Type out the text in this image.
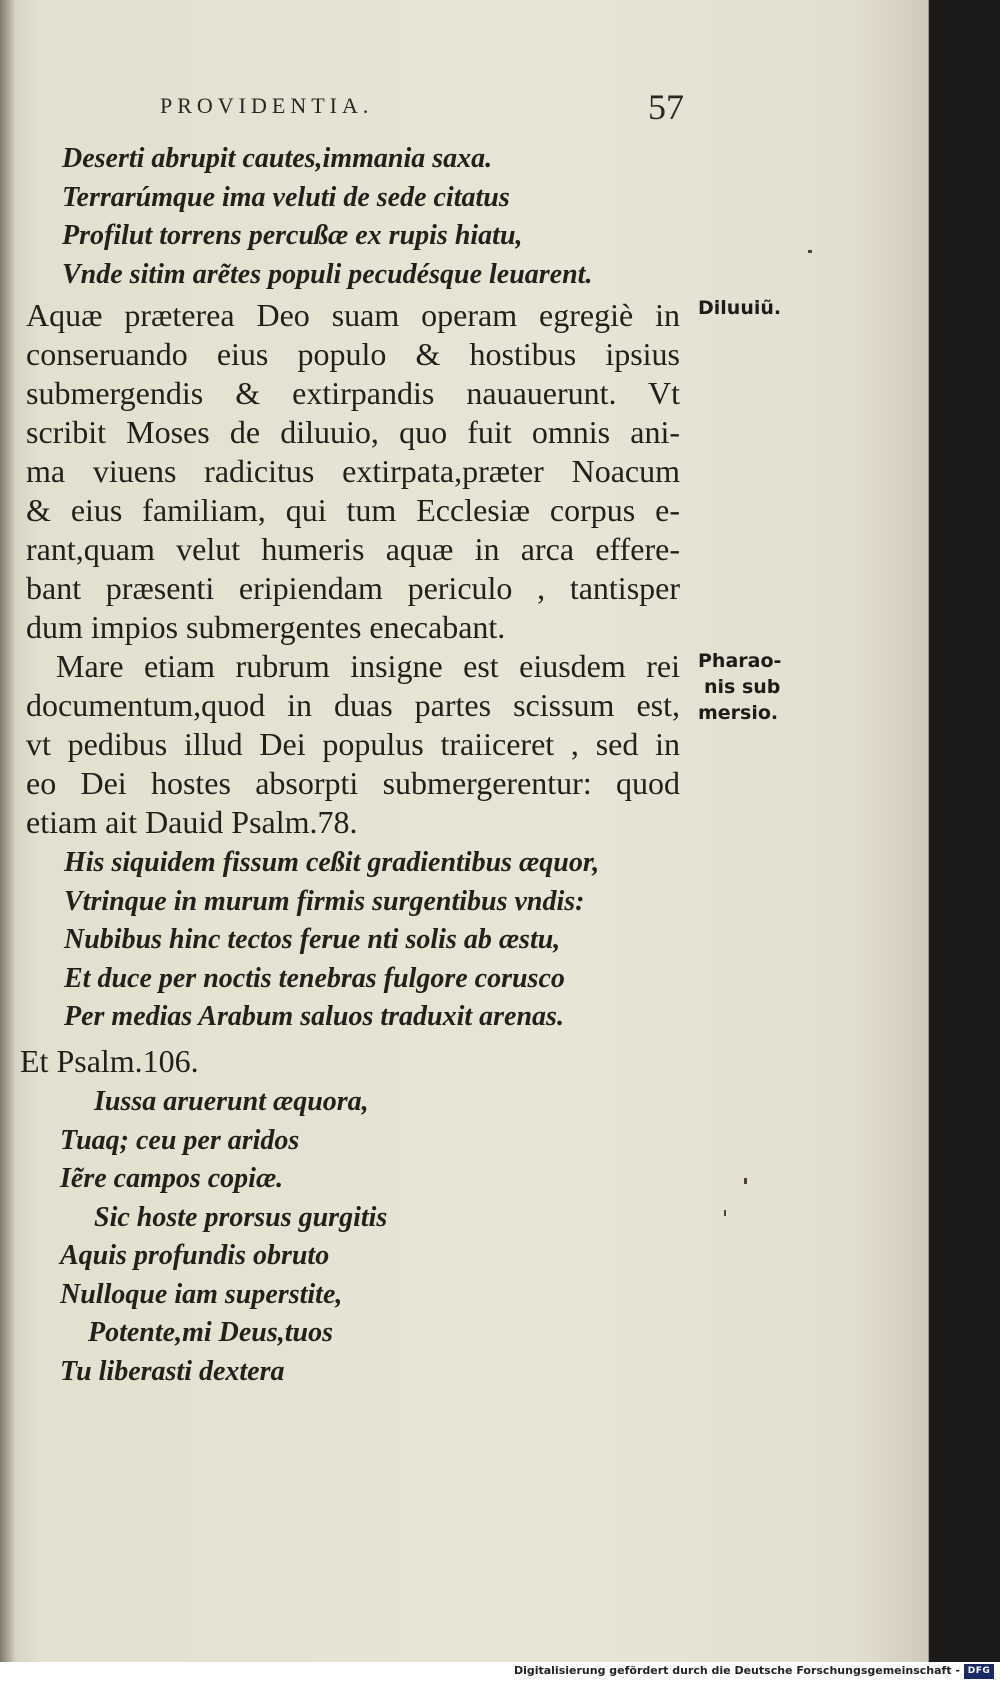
PROVIDENTIA.	57
Deserti abrupit cautes,immania saxa.
Terrarúmque ima veluti de sede citatus
Profilut torrens percußæ ex rupis hiatu,
Vnde sitim arẽtes populi pecudésque leuarent.
Aquæ prætereа Deo suam operam egregiè in
conseruando eius populo & hostibus ipsius
submergendis & extirpandis nauauerunt. Vt
scribit Moses de diluuio, quo fuit omnis ani-
ma viuens radicitus extirpata,præter Noacum
& eius familiam, qui tum Ecclesiæ corpus e-
rant,quam velut humeris aquæ in arca effere-
bant præsenti eripiendam periculo , tantisper
dum impios submergentes enecabant.
Mare etiam rubrum insigne est eiusdem rei
documentum,quod in duas partes scissum est,
vt pedibus illud Dei populus traiiceret , sed in
eo Dei hostes absorpti submergerentur: quod
etiam ait Dauid Psalm.78.
His siquidem fissum ceßit gradientibus æquor,
Vtrinque in murum firmis surgentibus vndis:
Nubibus hinc tectos ferue nti solis ab æstu,
Et duce per noctis tenebras fulgore corusco
Per medias Arabum saluos traduxit arenas.
Et Psalm.106.
Iussa aruerunt æquora,
Tuaq; ceu per aridos
Iẽre campos copiæ.
Sic hoste prorsus gurgitis
Aquis profundis obruto
Nulloque iam superstite,
Potente,mi Deus,tuos
Tu liberasti dextera
Diluuiũ.
Pharao-
nis sub
mersio.
Digitalisierung gefördert durch die Deutsche Forschungsgemeinschaft - DFG
